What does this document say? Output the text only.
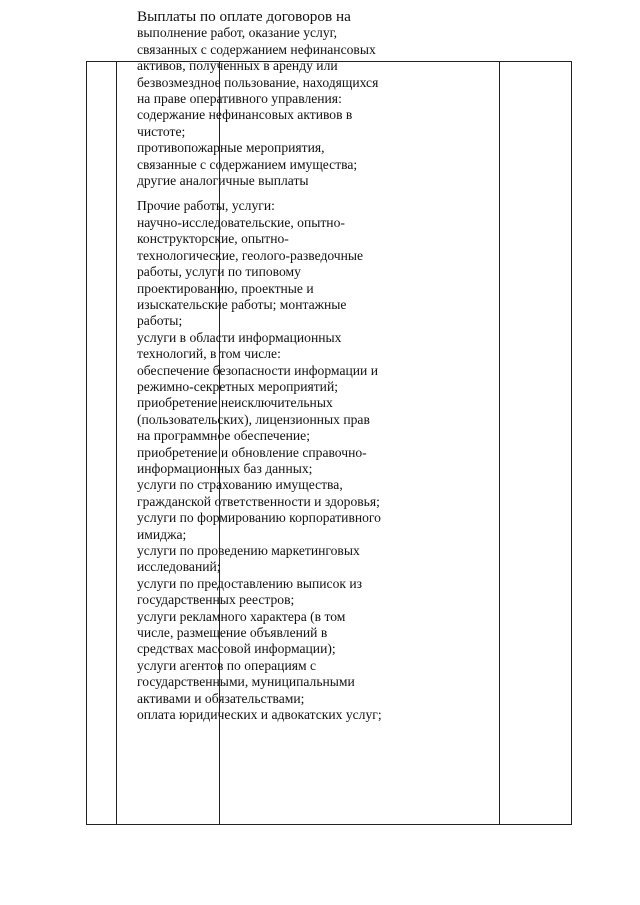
Выплаты по оплате договоров на
выполнение работ, оказание услуг,
связанных с содержанием нефинансовых
активов, полученных в аренду или
безвозмездное пользование, находящихся
на праве оперативного управления:
содержание нефинансовых активов в
чистоте;
противопожарные мероприятия,
связанные с содержанием имущества;
другие аналогичные выплаты
Прочие работы, услуги:
научно-исследовательские, опытно-
конструкторские, опытно-
технологические, геолого-разведочные
работы, услуги по типовому
проектированию, проектные и
изыскательские работы; монтажные
работы;
услуги в области информационных
технологий, в том числе:
обеспечение безопасности информации и
режимно-секретных мероприятий;
приобретение неисключительных
(пользовательских), лицензионных прав
на программное обеспечение;
приобретение и обновление справочно-
информационных баз данных;
услуги по страхованию имущества,
гражданской ответственности и здоровья;
услуги по формированию корпоративного
имиджа;
услуги по проведению маркетинговых
исследований;
услуги по предоставлению выписок из
государственных реестров;
услуги рекламного характера (в том
числе, размещение объявлений в
средствах массовой информации);
услуги агентов по операциям с
государственными, муниципальными
активами и обязательствами;
оплата юридических и адвокатских услуг;
